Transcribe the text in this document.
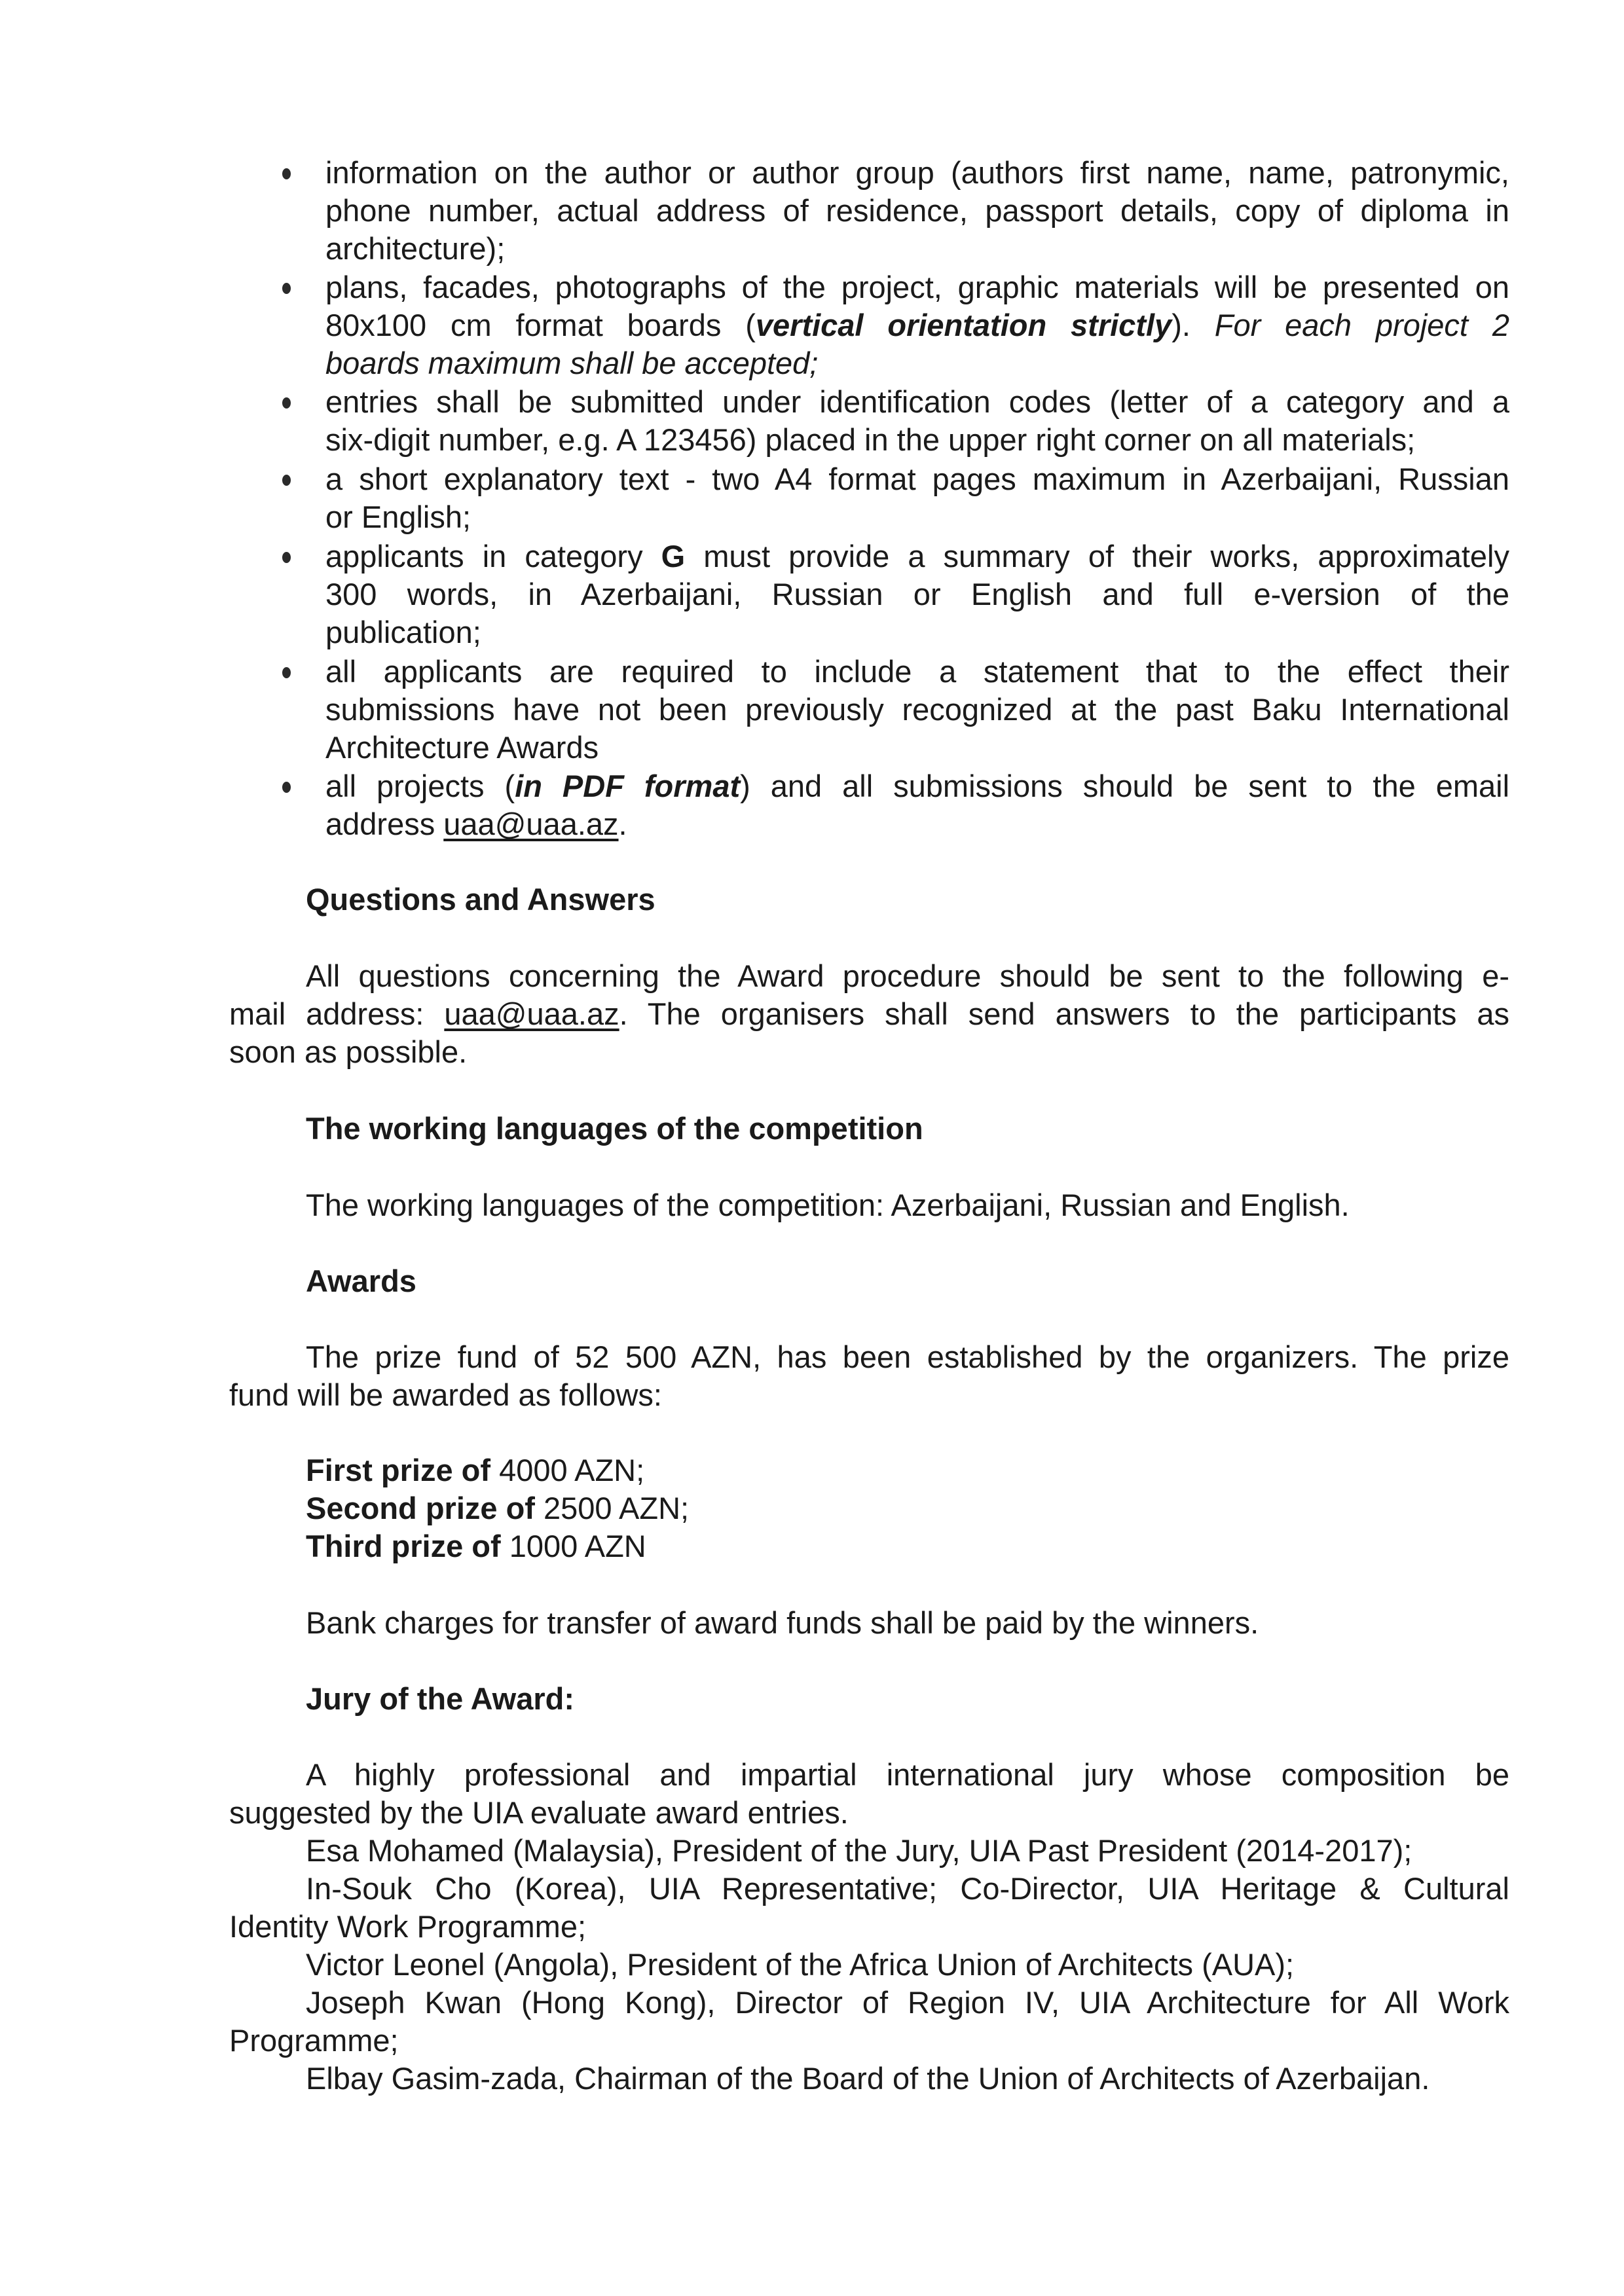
information on the author or author group (authors first name, name, patronymic,
phone number, actual address of residence, passport details, copy of diploma in
architecture);
plans, facades, photographs of the project, graphic materials will be presented on
80x100 cm format boards (vertical orientation strictly). For each project 2
boards maximum shall be accepted;
entries shall be submitted under identification codes (letter of a category and a
six-digit number, e.g. A 123456) placed in the upper right corner on all materials;
a short explanatory text - two A4 format pages maximum in Azerbaijani, Russian
or English;
applicants in category G must provide a summary of their works, approximately
300 words, in Azerbaijani, Russian or English and full e-version of the
publication;
all applicants are required to include a statement that to the effect their
submissions have not been previously recognized at the past Baku International
Architecture Awards
all projects (in PDF format) and all submissions should be sent to the email
address uaa@uaa.az.
Questions and Answers
All questions concerning the Award procedure should be sent to the following e-
mail address: uaa@uaa.az. The organisers shall send answers to the participants as
soon as possible.
The working languages of the competition
The working languages of the competition: Azerbaijani, Russian and English.
Awards
The prize fund of 52 500 AZN, has been established by the organizers. The prize
fund will be awarded as follows:
First prize of 4000 AZN;
Second prize of 2500 AZN;
Third prize of 1000 AZN
Bank charges for transfer of award funds shall be paid by the winners.
Jury of the Award:
A highly professional and impartial international jury whose composition be
suggested by the UIA evaluate award entries.
Esa Mohamed (Malaysia), President of the Jury, UIA Past President (2014-2017);
In-Souk Cho (Korea), UIA Representative; Co-Director, UIA Heritage & Cultural
Identity Work Programme;
Victor Leonel (Angola), President of the Africa Union of Architects (AUA);
Joseph Kwan (Hong Kong), Director of Region IV, UIA Architecture for All Work
Programme;
Elbay Gasim-zada, Chairman of the Board of the Union of Architects of Azerbaijan.
